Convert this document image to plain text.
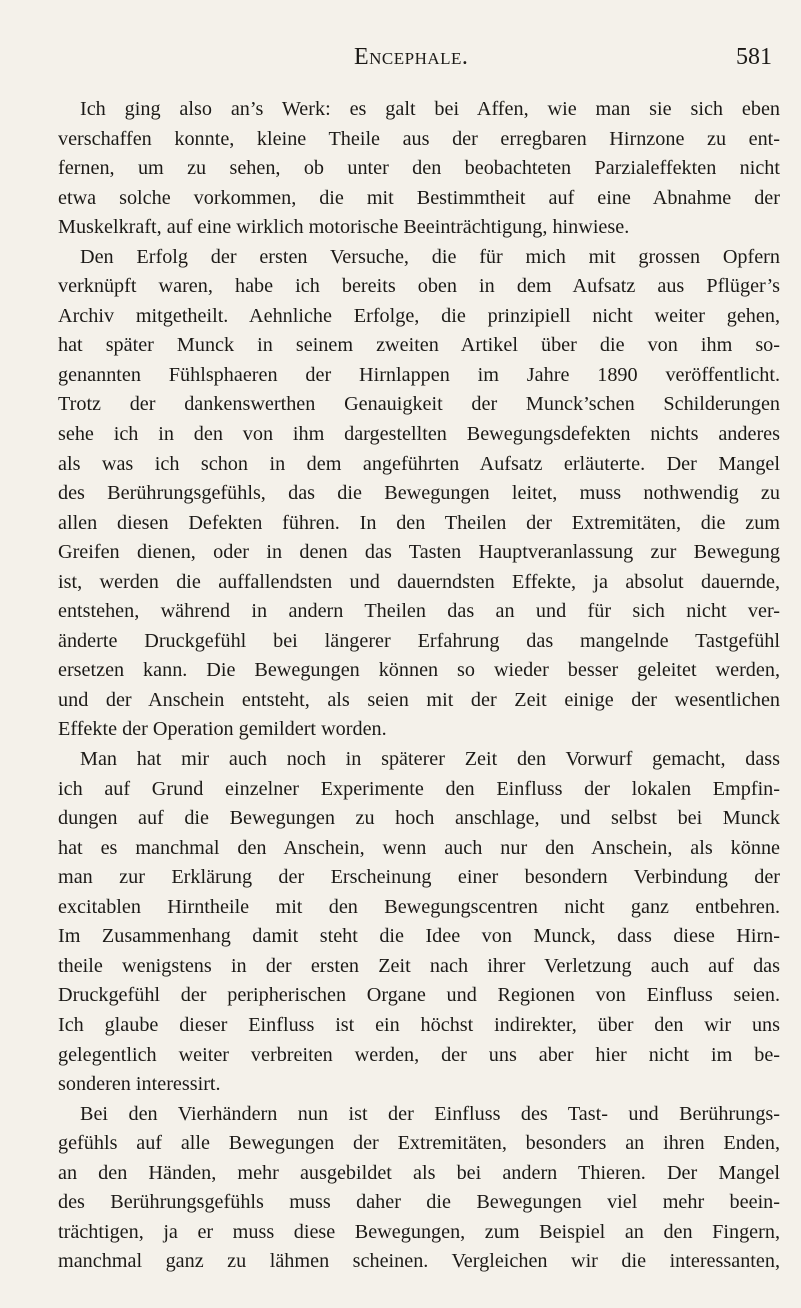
Encephale.	581
Ich ging also an’s Werk: es galt bei Affen, wie man sie sich eben
verschaffen konnte, kleine Theile aus der erregbaren Hirnzone zu ent-
fernen, um zu sehen, ob unter den beobachteten Parzialeffekten nicht
etwa solche vorkommen, die mit Bestimmtheit auf eine Abnahme der
Muskelkraft, auf eine wirklich motorische Beeinträchtigung, hinwiese.
Den Erfolg der ersten Versuche, die für mich mit grossen Opfern
verknüpft waren, habe ich bereits oben in dem Aufsatz aus Pflüger’s
Archiv mitgetheilt. Aehnliche Erfolge, die prinzipiell nicht weiter gehen,
hat später Munck in seinem zweiten Artikel über die von ihm so-
genannten Fühlsphaeren der Hirnlappen im Jahre 1890 veröffentlicht.
Trotz der dankenswerthen Genauigkeit der Munck’schen Schilderungen
sehe ich in den von ihm dargestellten Bewegungsdefekten nichts anderes
als was ich schon in dem angeführten Aufsatz erläuterte. Der Mangel
des Berührungsgefühls, das die Bewegungen leitet, muss nothwendig zu
allen diesen Defekten führen. In den Theilen der Extremitäten, die zum
Greifen dienen, oder in denen das Tasten Hauptveranlassung zur Bewegung
ist, werden die auffallendsten und dauerndsten Effekte, ja absolut dauernde,
entstehen, während in andern Theilen das an und für sich nicht ver-
änderte Druckgefühl bei längerer Erfahrung das mangelnde Tastgefühl
ersetzen kann. Die Bewegungen können so wieder besser geleitet werden,
und der Anschein entsteht, als seien mit der Zeit einige der wesentlichen
Effekte der Operation gemildert worden.
Man hat mir auch noch in späterer Zeit den Vorwurf gemacht, dass
ich auf Grund einzelner Experimente den Einfluss der lokalen Empfin-
dungen auf die Bewegungen zu hoch anschlage, und selbst bei Munck
hat es manchmal den Anschein, wenn auch nur den Anschein, als könne
man zur Erklärung der Erscheinung einer besondern Verbindung der
excitablen Hirntheile mit den Bewegungscentren nicht ganz entbehren.
Im Zusammenhang damit steht die Idee von Munck, dass diese Hirn-
theile wenigstens in der ersten Zeit nach ihrer Verletzung auch auf das
Druckgefühl der peripherischen Organe und Regionen von Einfluss seien.
Ich glaube dieser Einfluss ist ein höchst indirekter, über den wir uns
gelegentlich weiter verbreiten werden, der uns aber hier nicht im be-
sonderen interessirt.
Bei den Vierhändern nun ist der Einfluss des Tast- und Berührungs-
gefühls auf alle Bewegungen der Extremitäten, besonders an ihren Enden,
an den Händen, mehr ausgebildet als bei andern Thieren. Der Mangel
des Berührungsgefühls muss daher die Bewegungen viel mehr beein-
trächtigen, ja er muss diese Bewegungen, zum Beispiel an den Fingern,
manchmal ganz zu lähmen scheinen. Vergleichen wir die interessanten,
